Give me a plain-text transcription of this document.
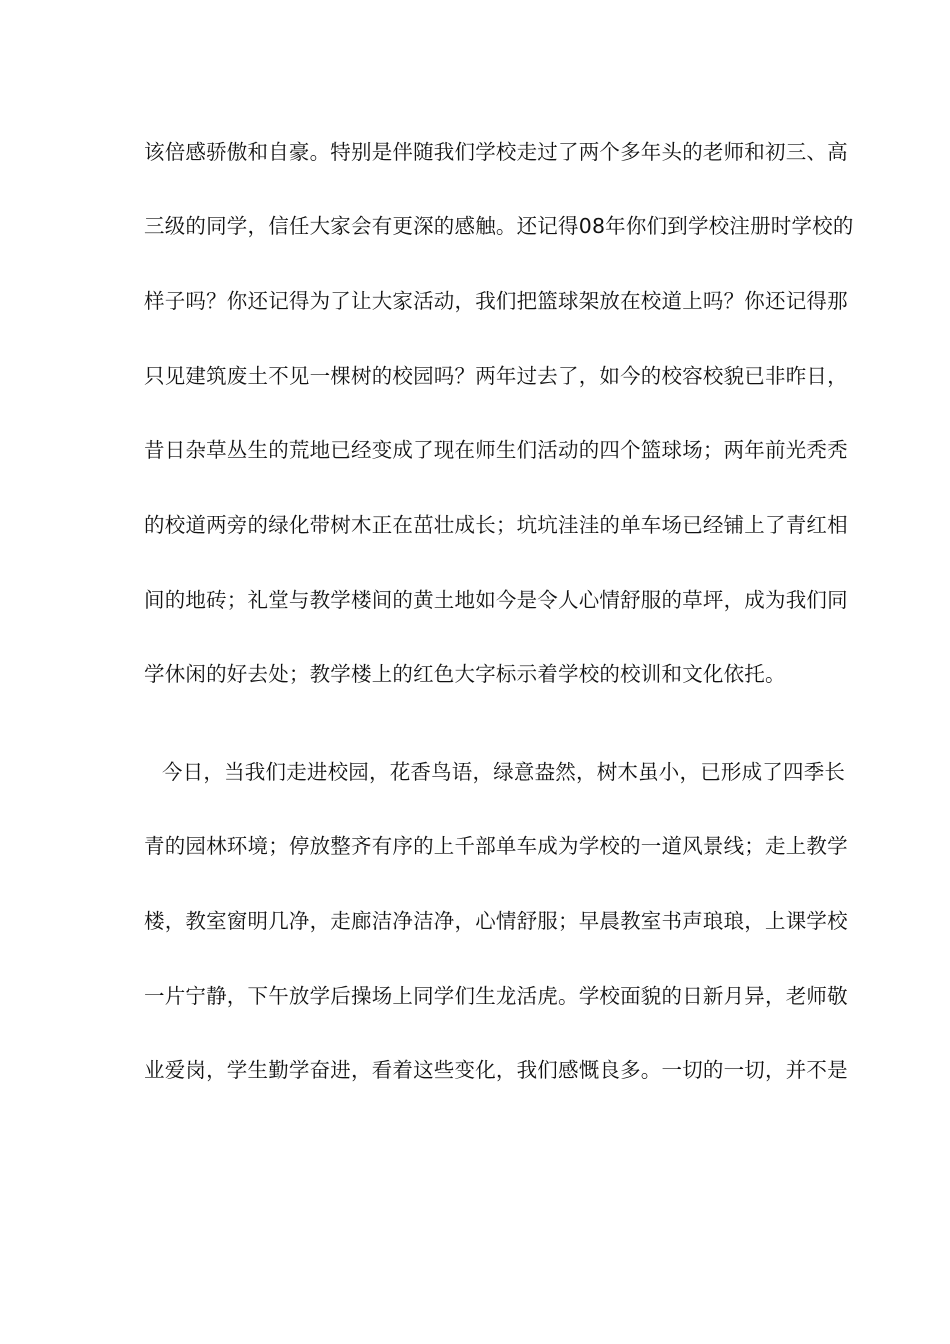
该倍感骄傲和自豪。特别是伴随我们学校走过了两个多年头的老师和初三、高
三级的同学，信任大家会有更深的感触。还记得08年你们到学校注册时学校的
样子吗？你还记得为了让大家活动，我们把篮球架放在校道上吗？你还记得那
只见建筑废土不见一棵树的校园吗？两年过去了，如今的校容校貌已非昨日，
昔日杂草丛生的荒地已经变成了现在师生们活动的四个篮球场；两年前光秃秃
的校道两旁的绿化带树木正在茁壮成长；坑坑洼洼的单车场已经铺上了青红相
间的地砖；礼堂与教学楼间的黄土地如今是令人心情舒服的草坪，成为我们同
学休闲的好去处；教学楼上的红色大字标示着学校的校训和文化依托。
今日，当我们走进校园，花香鸟语，绿意盎然，树木虽小，已形成了四季长
青的园林环境；停放整齐有序的上千部单车成为学校的一道风景线；走上教学
楼，教室窗明几净，走廊洁净洁净，心情舒服；早晨教室书声琅琅，上课学校
一片宁静，下午放学后操场上同学们生龙活虎。学校面貌的日新月异，老师敬
业爱岗，学生勤学奋进，看着这些变化，我们感慨良多。一切的一切，并不是
